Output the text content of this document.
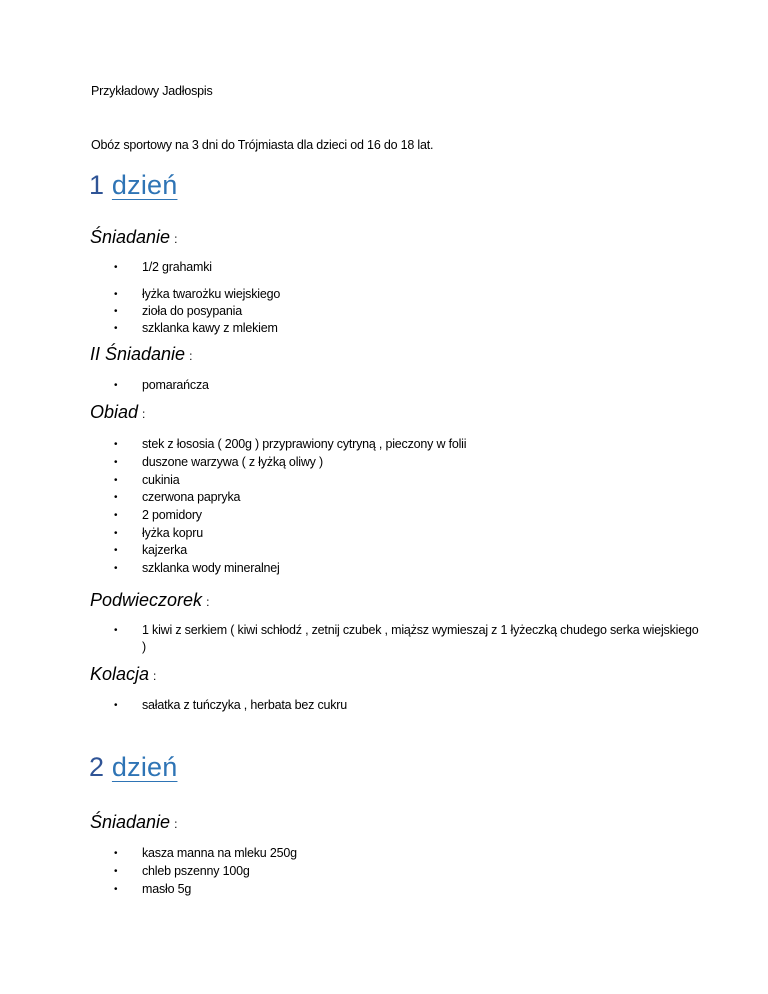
Przykładowy Jadłospis
Obóz sportowy na 3 dni do Trójmiasta dla dzieci od 16 do 18 lat.
1 dzień
Śniadanie :
• 1/2 grahamki
• łyżka twarożku wiejskiego
• zioła do posypania
• szklanka kawy z mlekiem
II Śniadanie :
• pomarańcza
Obiad :
• stek z łososia ( 200g ) przyprawiony cytryną , pieczony w folii
• duszone warzywa ( z łyżką oliwy )
• cukinia
• czerwona papryka
• 2 pomidory
• łyżka kopru
• kajzerka
• szklanka wody mineralnej
Podwieczorek :
• 1 kiwi z serkiem ( kiwi schłodź , zetnij czubek , miąższ wymieszaj z 1 łyżeczką chudego serka wiejskiego )
Kolacja :
• sałatka z tuńczyka , herbata bez cukru
2 dzień
Śniadanie :
• kasza manna na mleku 250g
• chleb pszenny 100g
• masło 5g
